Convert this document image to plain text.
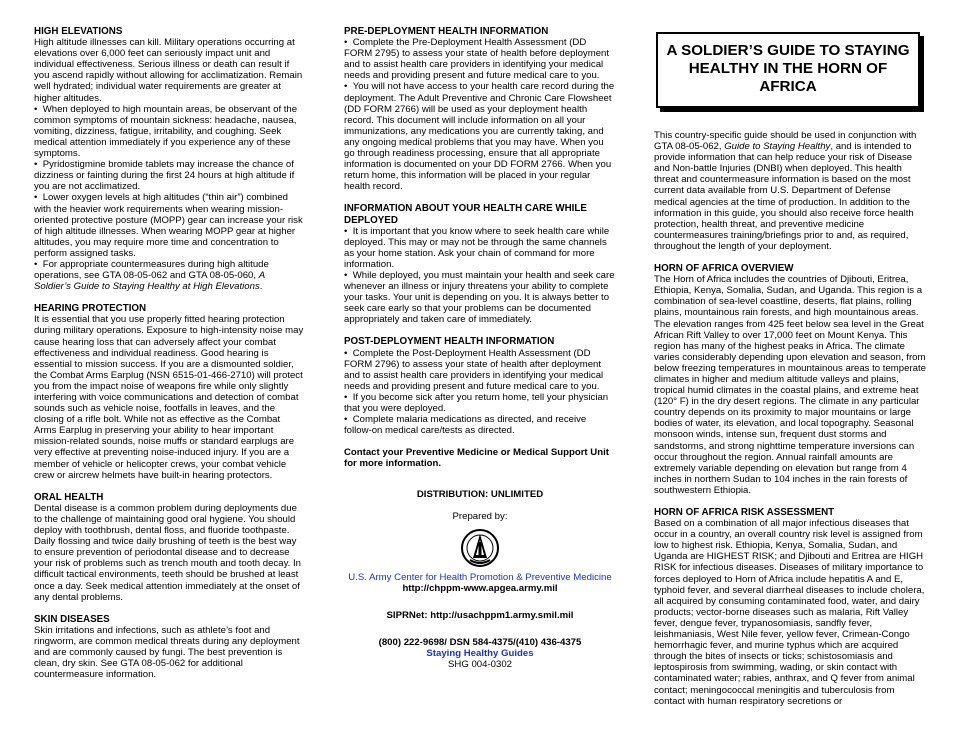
HIGH ELEVATIONS

High altitude illnesses can kill. Military operations occurring at elevations over 6,000 feet can seriously impact unit and individual effectiveness. Serious illness or death can result if you ascend rapidly without allowing for acclimatization. Remain well hydrated; individual water requirements are greater at higher altitudes.

•  When deployed to high mountain areas, be observant of the common symptoms of mountain sickness: headache, nausea, vomiting, dizziness, fatigue, irritability, and coughing. Seek medical attention immediately if you experience any of these symptoms.

•  Pyridostigmine bromide tablets may increase the chance of dizziness or fainting during the first 24 hours at high altitude if you are not acclimatized.

•  Lower oxygen levels at high altitudes (“thin air”) combined with the heavier work requirements when wearing mission-oriented protective posture (MOPP) gear can increase your risk of high altitude illnesses. When wearing MOPP gear at higher altitudes, you may require more time and concentration to perform assigned tasks.

•  For appropriate countermeasures during high altitude operations, see GTA 08-05-062 and GTA 08-05-060, A Soldier’s Guide to Staying Healthy at High Elevations.

HEARING PROTECTION

It is essential that you use properly fitted hearing protection during military operations. Exposure to high-intensity noise may cause hearing loss that can adversely affect your combat effectiveness and individual readiness. Good hearing is essential to mission success. If you are a dismounted soldier, the Combat Arms Earplug (NSN 6515-01-466-2710) will protect you from the impact noise of weapons fire while only slightly interfering with voice communications and detection of combat sounds such as vehicle noise, footfalls in leaves, and the closing of a rifle bolt. While not as effective as the Combat Arms Earplug in preserving your ability to hear important mission-related sounds, noise muffs or standard earplugs are very effective at preventing noise-induced injury. If you are a member of vehicle or helicopter crews, your combat vehicle crew or aircrew helmets have built-in hearing protectors.

ORAL HEALTH

Dental disease is a common problem during deployments due to the challenge of maintaining good oral hygiene. You should deploy with toothbrush, dental floss, and fluoride toothpaste. Daily flossing and twice daily brushing of teeth is the best way to ensure prevention of periodontal disease and to decrease your risk of problems such as trench mouth and tooth decay. In difficult tactical environments, teeth should be brushed at least once a day. Seek medical attention immediately at the onset of any dental problems.

SKIN DISEASES

Skin irritations and infections, such as athlete’s foot and ringworm, are common medical threats during any deployment and are commonly caused by fungi. The best prevention is clean, dry skin. See GTA 08-05-062 for additional countermeasure information.

PRE-DEPLOYMENT HEALTH INFORMATION

•  Complete the Pre-Deployment Health Assessment (DD FORM 2795) to assess your state of health before deployment and to assist health care providers in identifying your medical needs and providing present and future medical care to you.

•  You will not have access to your health care record during the deployment. The Adult Preventive and Chronic Care Flowsheet (DD FORM 2766) will be used as your deployment health record. This document will include information on all your immunizations, any medications you are currently taking, and any ongoing medical problems that you may have. When you go through readiness processing, ensure that all appropriate information is documented on your DD FORM 2766. When you return home, this information will be placed in your regular health record.

INFORMATION ABOUT YOUR HEALTH CARE WHILE DEPLOYED

•  It is important that you know where to seek health care while deployed. This may or may not be through the same channels as your home station. Ask your chain of command for more information.

•  While deployed, you must maintain your health and seek care whenever an illness or injury threatens your ability to complete your tasks. Your unit is depending on you. It is always better to seek care early so that your problems can be documented appropriately and taken care of immediately.

POST-DEPLOYMENT HEALTH INFORMATION

•  Complete the Post-Deployment Health Assessment (DD FORM 2796) to assess your state of health after deployment and to assist health care providers in identifying your medical needs and providing present and future medical care to you.

•  If you become sick after you return home, tell your physician that you were deployed.

•  Complete malaria medications as directed, and receive follow-on medical care/tests as directed.

Contact your Preventive Medicine or Medical Support Unit for more information.

DISTRIBUTION: UNLIMITED

Prepared by:

U.S. Army Center for Health Promotion & Preventive Medicine

http://chppm-www.apgea.army.mil

SIPRNet: http://usachppm1.army.smil.mil

(800) 222-9698/ DSN 584-4375/(410) 436-4375

Staying Healthy Guides

SHG 004-0302

A SOLDIER’S GUIDE TO STAYING HEALTHY IN THE HORN OF AFRICA

This country-specific guide should be used in conjunction with GTA 08-05-062, Guide to Staying Healthy, and is intended to provide information that can help reduce your risk of Disease and Non-battle Injuries (DNBI) when deployed. This health threat and countermeasure information is based on the most current data available from U.S. Department of Defense medical agencies at the time of production. In addition to the information in this guide, you should also receive force health protection, health threat, and preventive medicine countermeasures training/briefings prior to and, as required, throughout the length of your deployment.

HORN OF AFRICA OVERVIEW

The Horn of Africa includes the countries of Djibouti, Eritrea, Ethiopia, Kenya, Somalia, Sudan, and Uganda. This region is a combination of sea-level coastline, deserts, flat plains, rolling plains, mountainous rain forests, and high mountainous areas. The elevation ranges from 425 feet below sea level in the Great African Rift Valley to over 17,000 feet on Mount Kenya. This region has many of the highest peaks in Africa. The climate varies considerably depending upon elevation and season, from below freezing temperatures in mountainous areas to temperate climates in higher and medium altitude valleys and plains, tropical humid climates in the coastal plains, and extreme heat (120° F) in the dry desert regions. The climate in any particular country depends on its proximity to major mountains or large bodies of water, its elevation, and local topography. Seasonal monsoon winds, intense sun, frequent dust storms and sandstorms, and strong nighttime temperature inversions can occur throughout the region. Annual rainfall amounts are extremely variable depending on elevation but range from 4 inches in northern Sudan to 104 inches in the rain forests of southwestern Ethiopia.

HORN OF AFRICA RISK ASSESSMENT

Based on a combination of all major infectious diseases that occur in a country, an overall country risk level is assigned from low to highest risk. Ethiopia, Kenya, Somalia, Sudan, and Uganda are HIGHEST RISK; and Djibouti and Eritrea are HIGH RISK for infectious diseases. Diseases of military importance to forces deployed to Horn of Africa include hepatitis A and E, typhoid fever, and several diarrheal diseases to include cholera, all acquired by consuming contaminated food, water, and dairy products; vector-borne diseases such as malaria, Rift Valley fever, dengue fever, trypanosomiasis, sandfly fever, leishmaniasis, West Nile fever, yellow fever, Crimean-Congo hemorrhagic fever, and murine typhus which are acquired through the bites of insects or ticks; schistosomiasis and leptospirosis from swimming, wading, or skin contact with contaminated water; rabies, anthrax, and Q fever from animal contact; meningococcal meningitis and tuberculosis from contact with human respiratory secretions or
